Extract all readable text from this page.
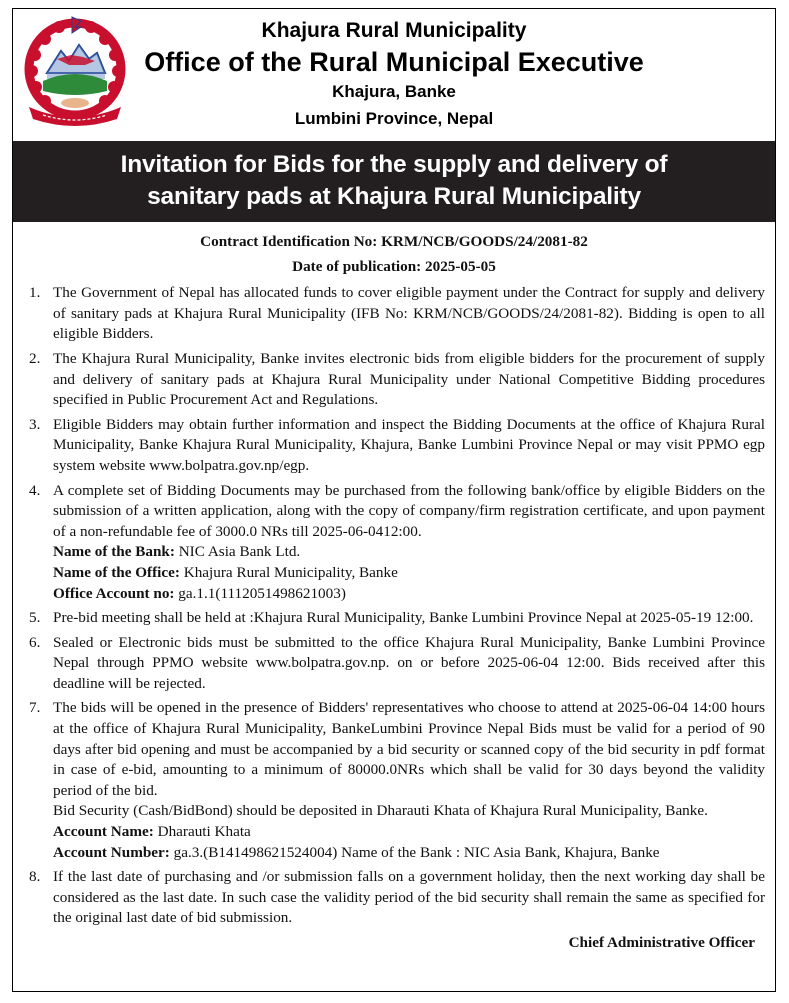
Khajura Rural Municipality
Office of the Rural Municipal Executive
Khajura, Banke
Lumbini Province, Nepal
Invitation for Bids for the supply and delivery of
sanitary pads at Khajura Rural Municipality
Contract Identification No: KRM/NCB/GOODS/24/2081-82
Date of publication: 2025-05-05
1. The Government of Nepal has allocated funds to cover eligible payment under the Contract for supply and delivery of sanitary pads at Khajura Rural Municipality (IFB No: KRM/NCB/GOODS/24/2081-82). Bidding is open to all eligible Bidders.
2. The Khajura Rural Municipality, Banke invites electronic bids from eligible bidders for the procurement of supply and delivery of sanitary pads at Khajura Rural Municipality under National Competitive Bidding procedures specified in Public Procurement Act and Regulations.
3. Eligible Bidders may obtain further information and inspect the Bidding Documents at the office of Khajura Rural Municipality, Banke Khajura Rural Municipality, Khajura, Banke Lumbini Province Nepal or may visit PPMO egp system website www.bolpatra.gov.np/egp.
4. A complete set of Bidding Documents may be purchased from the following bank/office by eligible Bidders on the submission of a written application, along with the copy of company/firm registration certificate, and upon payment of a non-refundable fee of 3000.0 NRs till 2025-06-0412:00.
Name of the Bank: NIC Asia Bank Ltd.
Name of the Office: Khajura Rural Municipality, Banke
Office Account no: ga.1.1(1112051498621003)
5. Pre-bid meeting shall be held at :Khajura Rural Municipality, Banke Lumbini Province Nepal at 2025-05-19 12:00.
6. Sealed or Electronic bids must be submitted to the office Khajura Rural Municipality, Banke Lumbini Province Nepal through PPMO website www.bolpatra.gov.np. on or before 2025-06-04 12:00. Bids received after this deadline will be rejected.
7. The bids will be opened in the presence of Bidders' representatives who choose to attend at 2025-06-04 14:00 hours at the office of Khajura Rural Municipality, BankeLumbini Province Nepal Bids must be valid for a period of 90 days after bid opening and must be accompanied by a bid security or scanned copy of the bid security in pdf format in case of e-bid, amounting to a minimum of 80000.0NRs which shall be valid for 30 days beyond the validity period of the bid.
Bid Security (Cash/BidBond) should be deposited in Dharauti Khata of Khajura Rural Municipality, Banke.
Account Name: Dharauti Khata
Account Number: ga.3.(B141498621524004) Name of the Bank : NIC Asia Bank, Khajura, Banke
8. If the last date of purchasing and /or submission falls on a government holiday, then the next working day shall be considered as the last date. In such case the validity period of the bid security shall remain the same as specified for the original last date of bid submission.
Chief Administrative Officer
